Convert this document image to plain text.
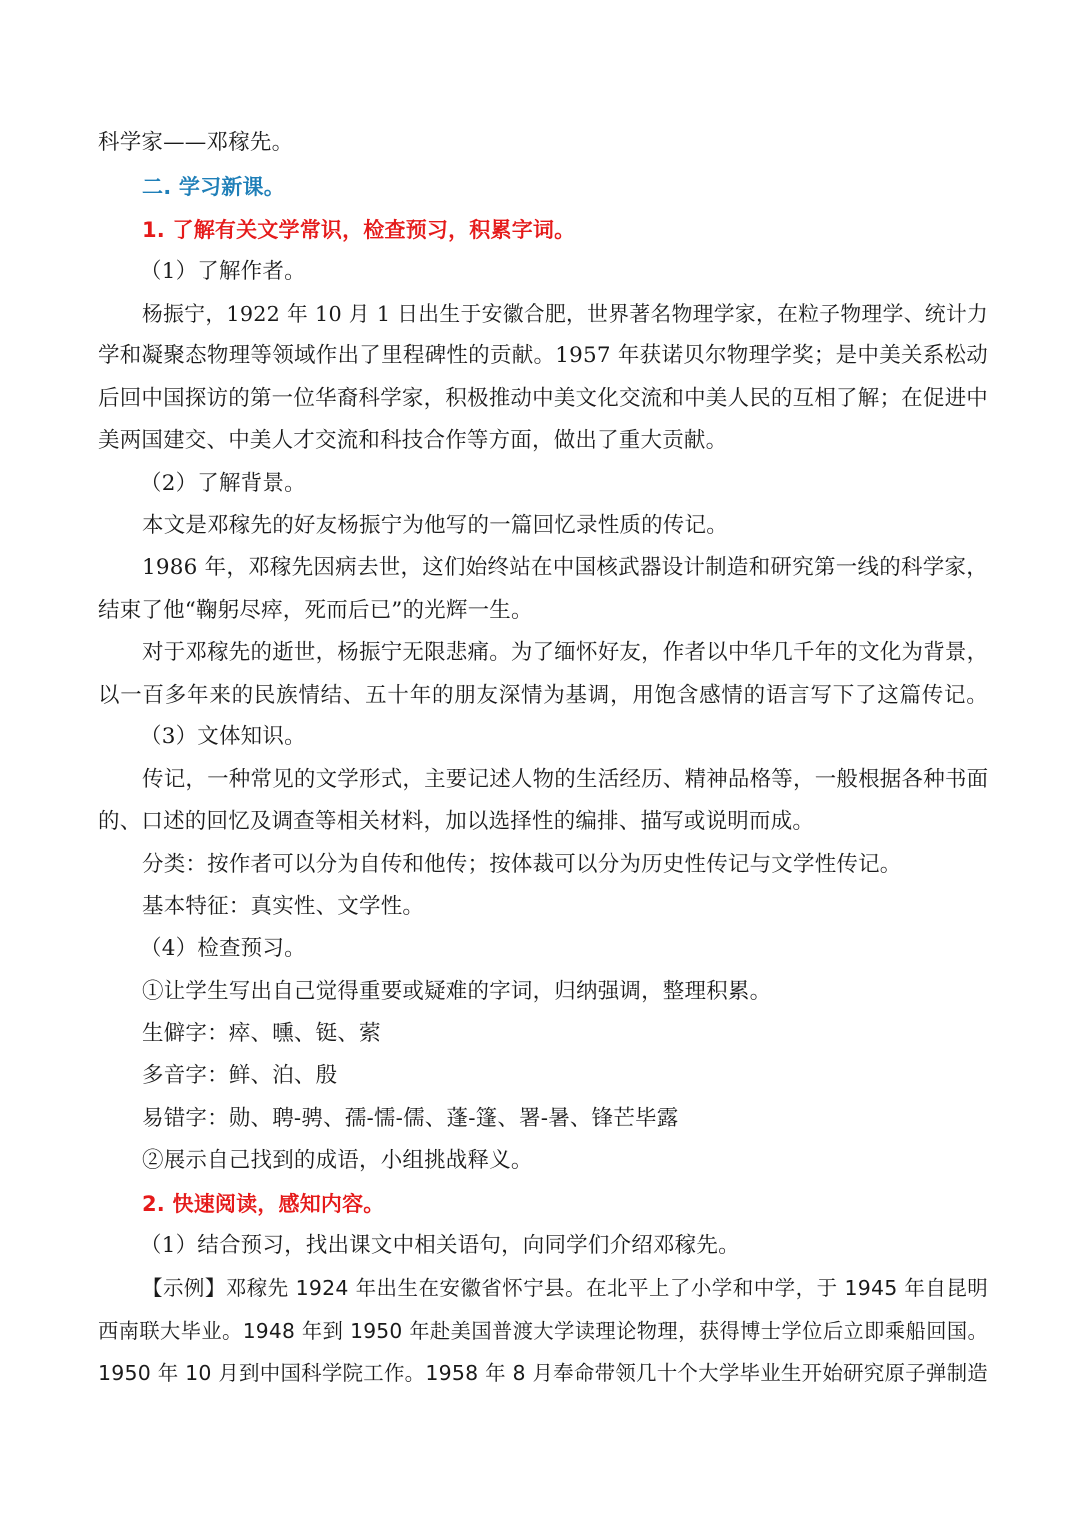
科学家——邓稼先。
二. 学习新课。
1. 了解有关文学常识，检查预习，积累字词。
（1）了解作者。
杨振宁，1922 年 10 月 1 日出生于安徽合肥，世界著名物理学家，在粒子物理学、统计力
学和凝聚态物理等领域作出了里程碑性的贡献。1957 年获诺贝尔物理学奖；是中美关系松动
后回中国探访的第一位华裔科学家，积极推动中美文化交流和中美人民的互相了解；在促进中
美两国建交、中美人才交流和科技合作等方面，做出了重大贡献。
（2）了解背景。
本文是邓稼先的好友杨振宁为他写的一篇回忆录性质的传记。
1986 年，邓稼先因病去世，这们始终站在中国核武器设计制造和研究第一线的科学家，
结束了他“鞠躬尽瘁，死而后已”的光辉一生。
对于邓稼先的逝世，杨振宁无限悲痛。为了缅怀好友，作者以中华几千年的文化为背景，
以一百多年来的民族情结、五十年的朋友深情为基调，用饱含感情的语言写下了这篇传记。
（3）文体知识。
传记，一种常见的文学形式，主要记述人物的生活经历、精神品格等，一般根据各种书面
的、口述的回忆及调查等相关材料，加以选择性的编排、描写或说明而成。
分类：按作者可以分为自传和他传；按体裁可以分为历史性传记与文学性传记。
基本特征：真实性、文学性。
（4）检查预习。
①让学生写出自己觉得重要或疑难的字词，归纳强调，整理积累。
生僻字：瘁、曛、铤、萦
多音字：鲜、泊、殷
易错字：勋、聘-骋、孺-懦-儒、蓬-篷、署-暑、锋芒毕露
②展示自己找到的成语，小组挑战释义。
2. 快速阅读，感知内容。
（1）结合预习，找出课文中相关语句，向同学们介绍邓稼先。
【示例】邓稼先 1924 年出生在安徽省怀宁县。在北平上了小学和中学，于 1945 年自昆明
西南联大毕业。1948 年到 1950 年赴美国普渡大学读理论物理，获得博士学位后立即乘船回国。
1950 年 10 月到中国科学院工作。1958 年 8 月奉命带领几十个大学毕业生开始研究原子弹制造
